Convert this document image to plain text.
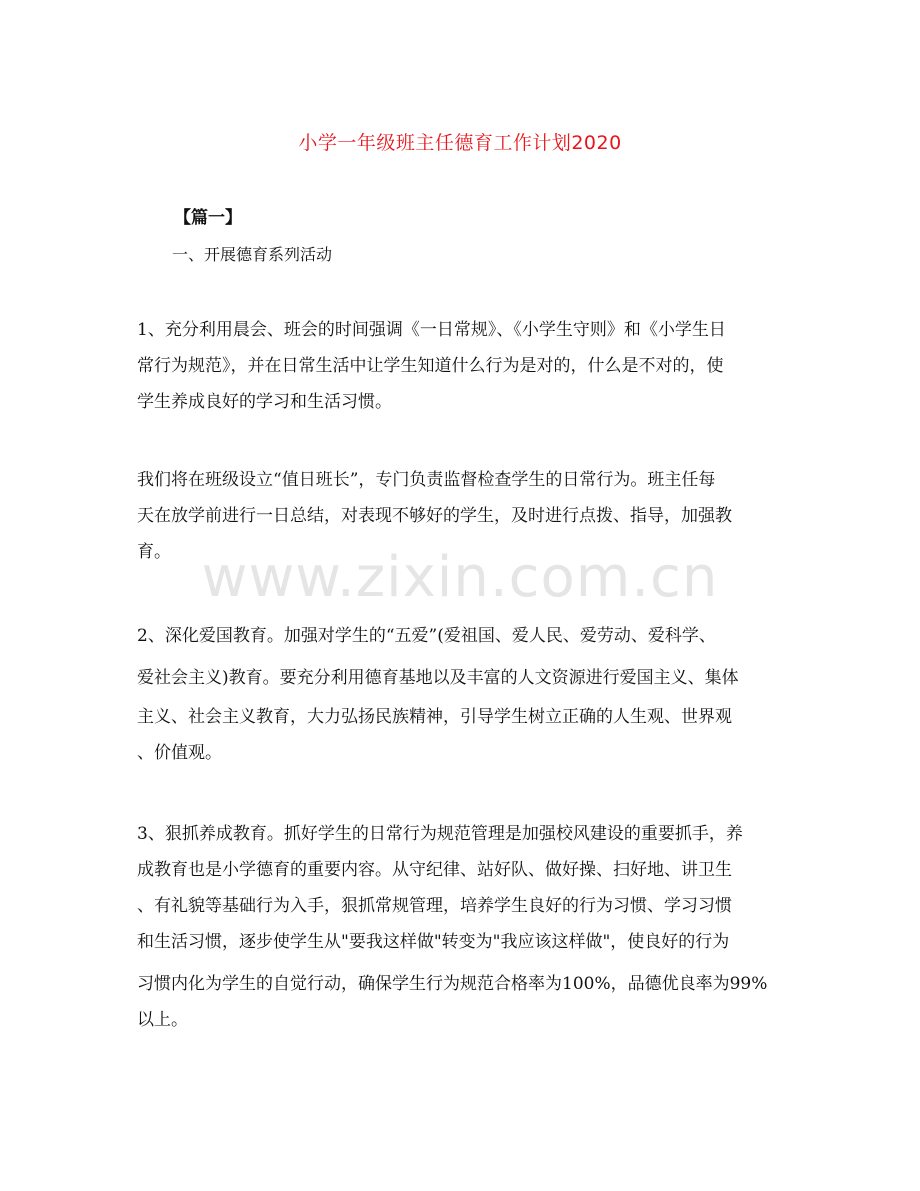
小学一年级班主任德育工作计划2020
【篇一】
一、开展德育系列活动
1、充分利用晨会、班会的时间强调《一日常规》、《小学生守则》和《小学生日
常行为规范》，并在日常生活中让学生知道什么行为是对的，什么是不对的，使
学生养成良好的学习和生活习惯。
我们将在班级设立“值日班长”，专门负责监督检查学生的日常行为。班主任每
天在放学前进行一日总结，对表现不够好的学生，及时进行点拨、指导，加强教
育。
2、深化爱国教育。加强对学生的“五爱”(爱祖国、爱人民、爱劳动、爱科学、
爱社会主义)教育。要充分利用德育基地以及丰富的人文资源进行爱国主义、集体
主义、社会主义教育，大力弘扬民族精神，引导学生树立正确的人生观、世界观
、价值观。
3、狠抓养成教育。抓好学生的日常行为规范管理是加强校风建设的重要抓手，养
成教育也是小学德育的重要内容。从守纪律、站好队、做好操、扫好地、讲卫生
、有礼貌等基础行为入手，狠抓常规管理，培养学生良好的行为习惯、学习习惯
和生活习惯，逐步使学生从"要我这样做"转变为"我应该这样做"，使良好的行为
习惯内化为学生的自觉行动，确保学生行为规范合格率为100%，品德优良率为99%
以上。
www.zixin.com.cn
